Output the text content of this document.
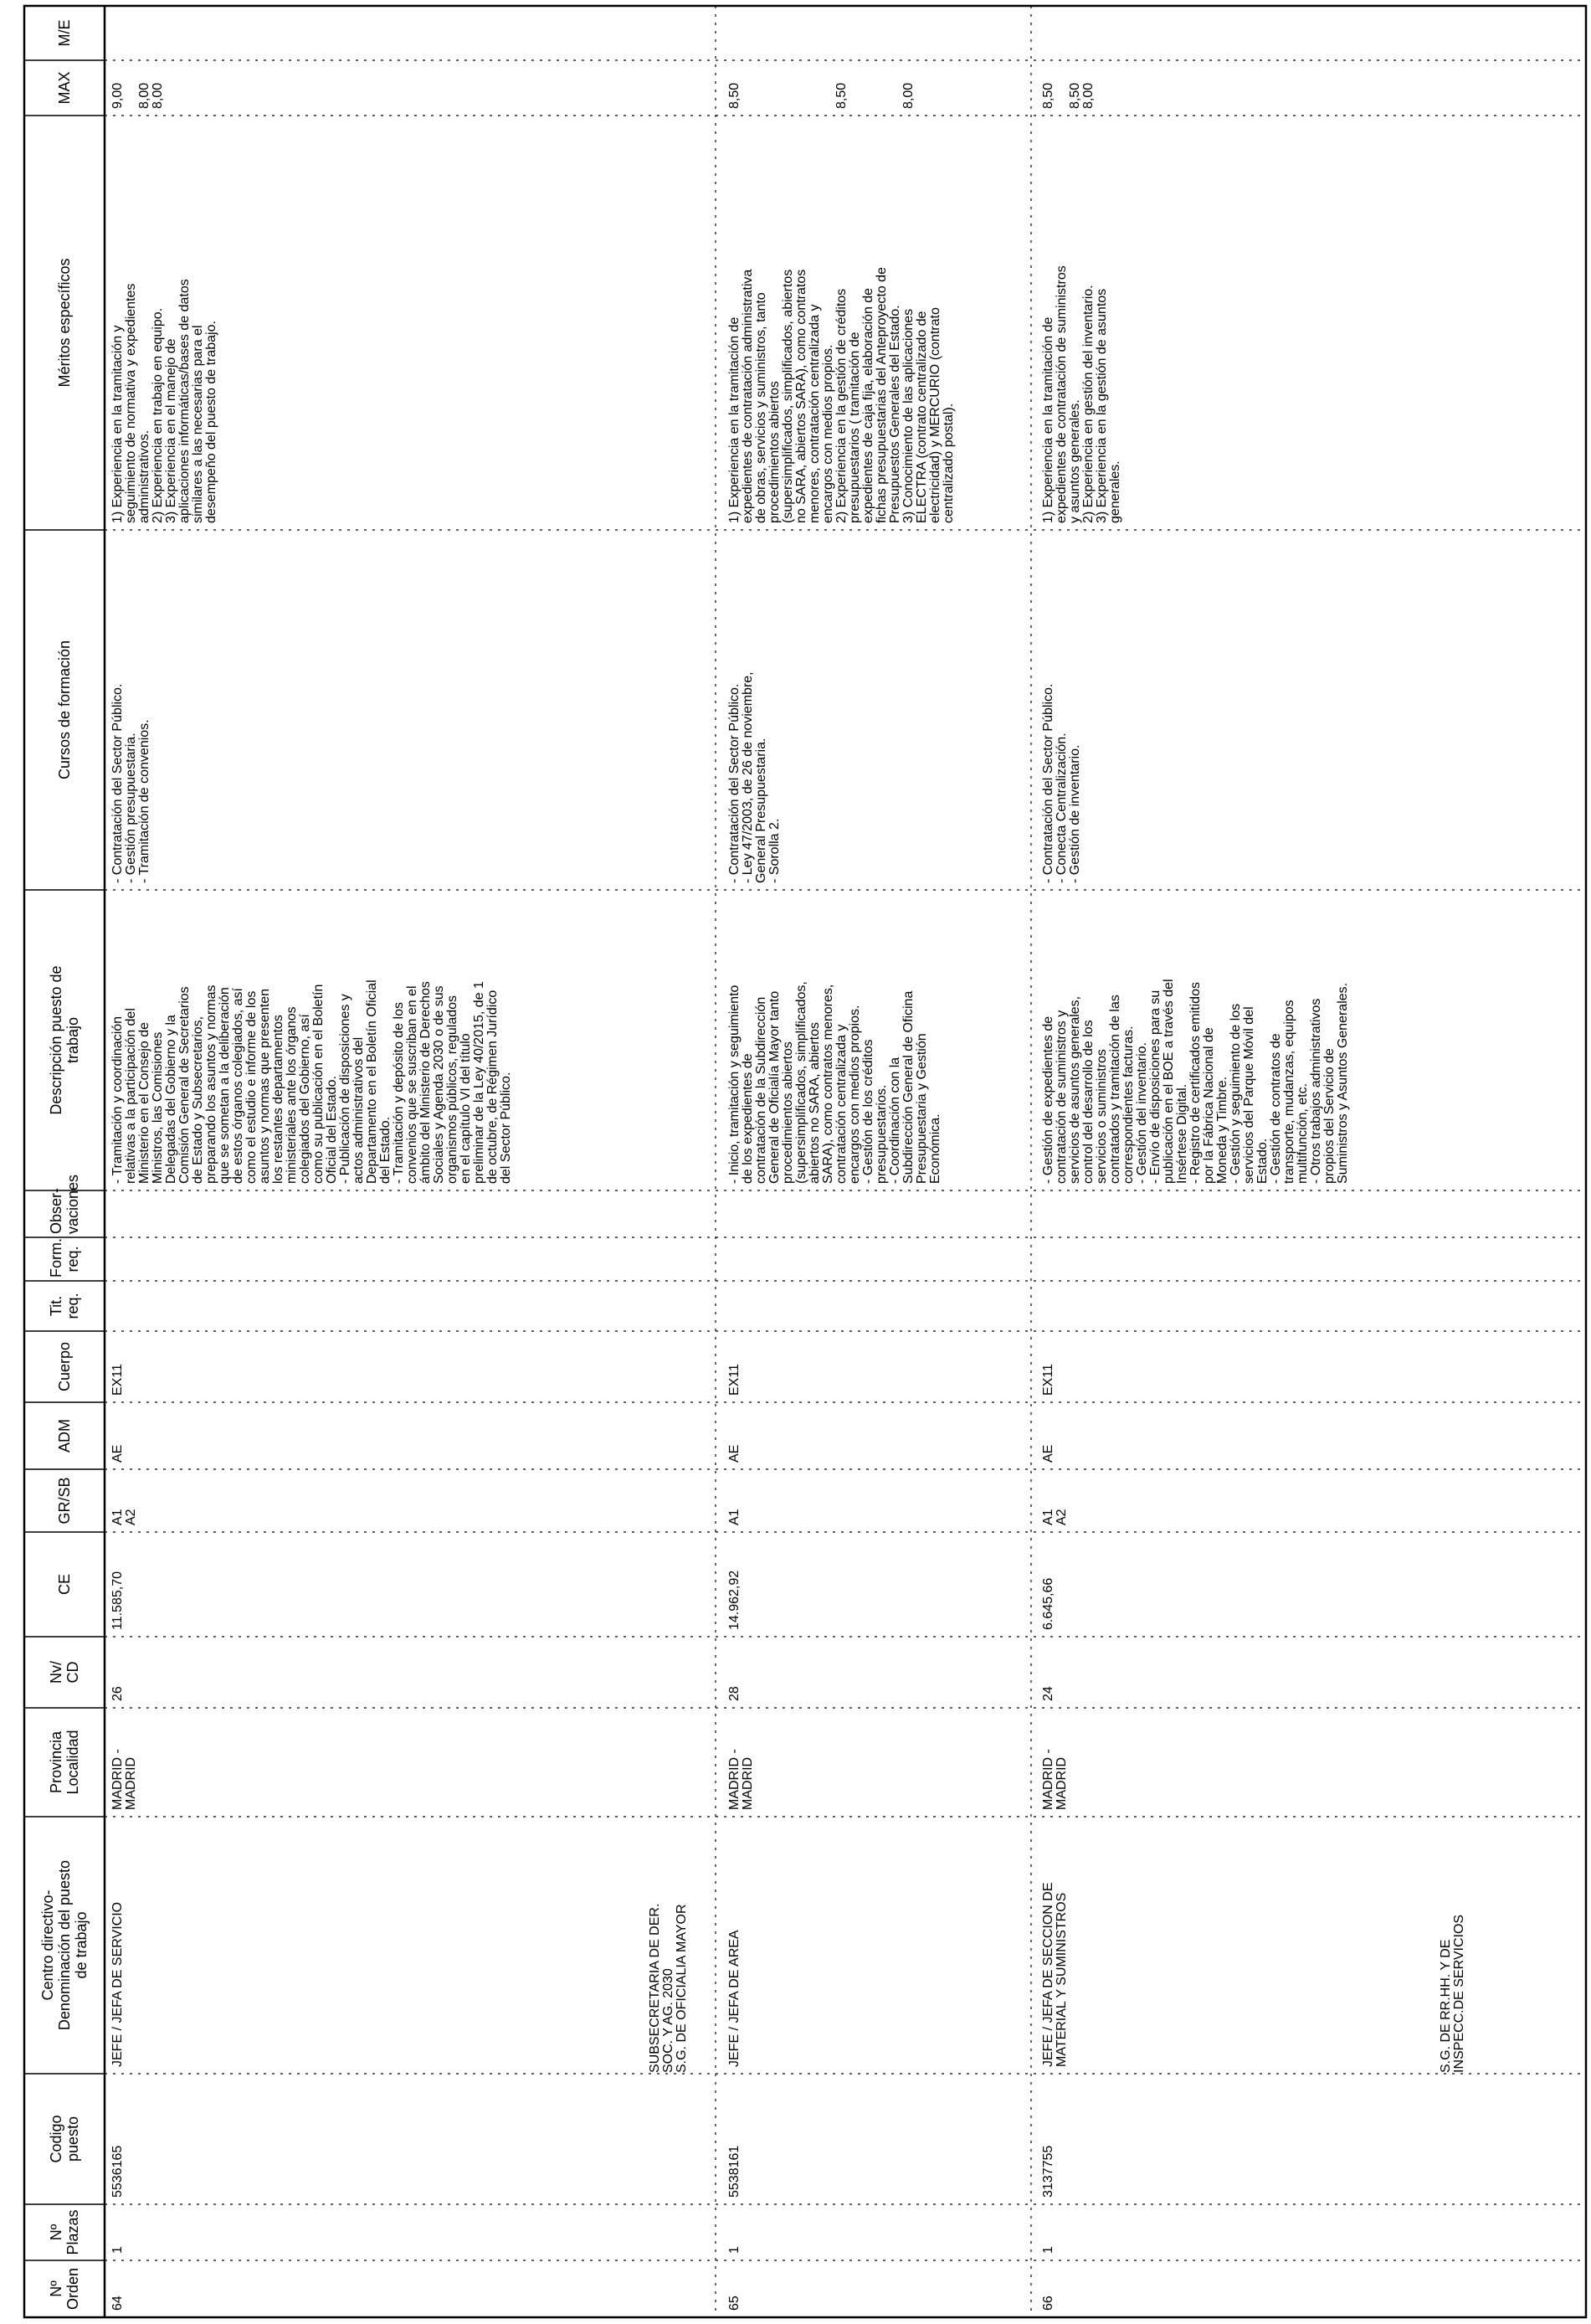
Nº
Orden
Nº
Plazas
Codigo
puesto
Centro directivo-
Denominación del puesto
de trabajo
Provincia
Localidad
Nv/
CD
CE
GR/SB
ADM
Cuerpo
Tit.
req.
Form.
req.
Obser-
vaciones
Descripción puesto de
trabajo
Cursos de formación
Méritos específicos
MAX
M/E
64
1
5536165
JEFE / JEFA DE SERVICIO
MADRID -
MADRID
26
11.585,70
A1
A2
AE
EX11
- Tramitación y coordinación
relativas a la participación del
Ministerio en el Consejo de
Ministros, las Comisiones
Delegadas del Gobierno y la
Comisión General de Secretarios
de Estado y Subsecretarios,
preparando los asuntos y normas
que se sometan a la deliberación
de estos órganos colegiados, así
como el estudio e informe de los
asuntos y normas que presenten
los restantes departamentos
ministeriales ante los órganos
colegiados del Gobierno, así
como su publicación en el Boletín
Oficial del Estado.
- Publicación de disposiciones y
actos administrativos del
Departamento en el Boletín Oficial
del Estado.
- Tramitación y depósito de los
convenios que se suscriban en el
ámbito del Ministerio de Derechos
Sociales y Agenda 2030 o de sus
organismos públicos, regulados
en el capítulo VI del título
preliminar de la Ley 40/2015, de 1
de octubre, de Régimen Jurídico
del Sector Público.
- Contratación del Sector Público.
- Gestión presupuestaria.
- Tramitación de convenios.
1) Experiencia en la tramitación y
seguimiento de normativa y expedientes
administrativos.
2) Experiencia en trabajo en equipo.
3) Experiencia en el manejo de
aplicaciones informáticas/bases de datos
similares a las necesarias para el
desempeño del puesto de trabajo.
9,00

8,00
8,00
65
1
5538161
JEFE / JEFA DE AREA
MADRID -
MADRID
28
14.962,92
A1
AE
EX11
- Inicio, tramitación y seguimiento
de los expedientes de
contratación de la Subdirección
General de Oficialía Mayor tanto
procedimientos abiertos
(supersimplificados, simplificados,
abiertos no SARA, abiertos
SARA), como contratos menores,
contratación centralizada y
encargos con medios propios.
- Gestión de los créditos
presupuestarios.
- Coordinación con la
Subdirección General de Oficina
Presupuestaria y Gestión
Económica.
- Contratación del Sector Público.
- Ley 47/2003, de 26 de noviembre,
General Presupuestaria.
- Sorolla 2.
1) Experiencia en la tramitación de
expedientes de contratación administrativa
de obras, servicios y suministros, tanto
procedimientos abiertos
(supersimplificados, simplificados, abiertos
no SARA, abiertos SARA), como contratos
menores, contratación centralizada y
encargos con medios propios.
2) Experiencia en la gestión de créditos
presupuestarios ( tramitación de
expedientes de caja fija, elaboración de
fichas presupuestarias del Anteproyecto de
Presupuestos Generales del Estado.
3) Conocimiento de las aplicaciones
ELECTRA (contrato centralizado de
electricidad) y MERCURIO (contrato
centralizado postal).
8,50

8,50

8,00
66
1
3137755
JEFE / JEFA DE SECCION DE
MATERIAL Y SUMINISTROS
MADRID -
MADRID
24
6.645,66
A1
A2
AE
EX11
- Gestión de expedientes de
contratación de suministros y
servicios de asuntos generales,
control del desarrollo de los
servicios o suministros
contratados y tramitación de las
correspondientes facturas.
- Gestión del inventario.
- Envío de disposiciones para su
publicación en el BOE a través del
Insértese Digital.
- Registro de certificados emitidos
por la Fábrica Nacional de
Moneda y Timbre.
- Gestión y seguimiento de los
servicios del Parque Móvil del
Estado.
- Gestión de contratos de
transporte, mudanzas, equipos
multifunción, etc.
- Otros trabajos administrativos
propios del Servicio de
Suministros y Asuntos Generales.
- Contratación del Sector Público.
- Conecta Centralización.
- Gestión de inventario.
1) Experiencia en la tramitación de
expedientes de contratación de suministros
y asuntos generales.
2) Experiencia en gestión del inventario.
3) Experiencia en la gestión de asuntos
generales.
8,50

8,50
8,00
SUBSECRETARIA DE DER.
SOC. Y AG. 2030
S.G. DE OFICIALIA MAYOR
S.G. DE RR.HH. Y DE
INSPECC.DE SERVICIOS
